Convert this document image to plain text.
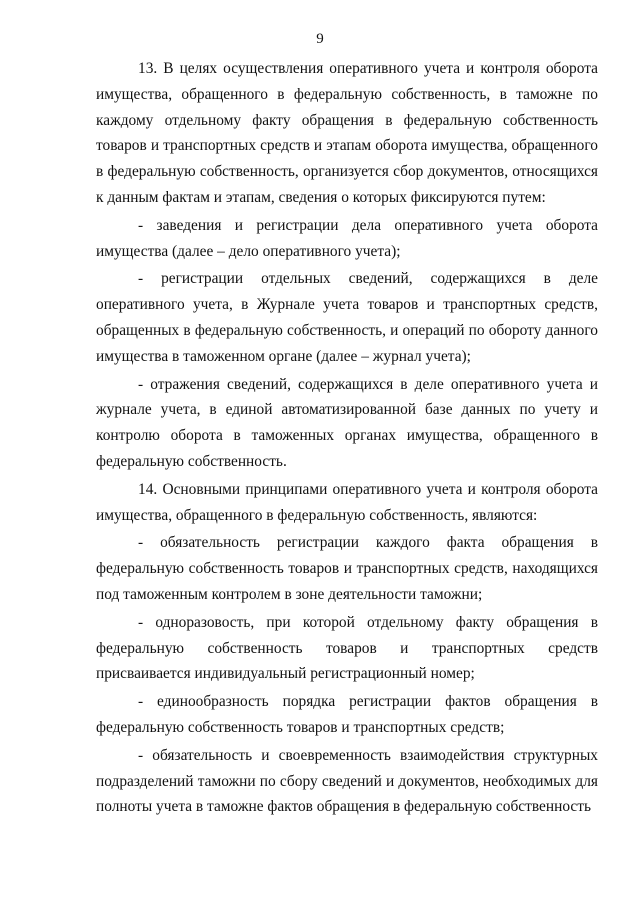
9

13. В целях осуществления оперативного учета и контроля оборота имущества, обращенного в федеральную собственность, в таможне по каждому отдельному факту обращения в федеральную собственность товаров и транспортных средств и этапам оборота имущества, обращенного в федеральную собственность, организуется сбор документов, относящихся к данным фактам и этапам, сведения о которых фиксируются путем:

- заведения и регистрации дела оперативного учета оборота имущества (далее – дело оперативного учета);

- регистрации отдельных сведений, содержащихся в деле оперативного учета, в Журнале учета товаров и транспортных средств, обращенных в федеральную собственность, и операций по обороту данного имущества в таможенном органе (далее – журнал учета);

- отражения сведений, содержащихся в деле оперативного учета и журнале учета, в единой автоматизированной базе данных по учету и контролю оборота в таможенных органах имущества, обращенного в федеральную собственность.

14. Основными принципами оперативного учета и контроля оборота имущества, обращенного в федеральную собственность, являются:

- обязательность регистрации каждого факта обращения в федеральную собственность товаров и транспортных средств, находящихся под таможенным контролем в зоне деятельности таможни;

- одноразовость, при которой отдельному факту обращения в федеральную собственность товаров и транспортных средств присваивается индивидуальный регистрационный номер;

- единообразность порядка регистрации фактов обращения в федеральную собственность товаров и транспортных средств;

- обязательность и своевременность взаимодействия структурных подразделений таможни по сбору сведений и документов, необходимых для полноты учета в таможне фактов обращения в федеральную собственность
